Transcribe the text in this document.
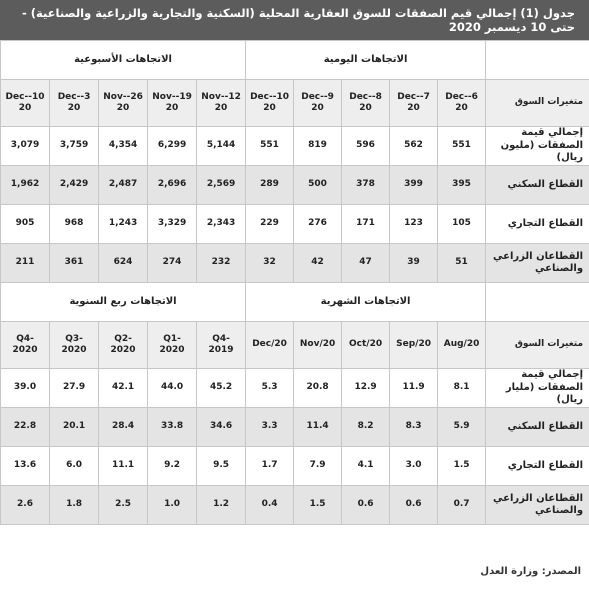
جدول (1) إجمالي قيم الصفقات للسوق العقارية المحلية (السكنية والتجارية والزراعية والصناعية) - حتى 10 ديسمبر 2020
	الاتجاهات اليومية					الاتجاهات الأسبوعية				
متغيرات السوق	6-Dec-20	7-Dec-20	8-Dec-20	9-Dec-20	10-Dec-20	12-Nov-20	19-Nov-20	26-Nov-20	3-Dec-20	10-Dec-20
إجمالي قيمة الصفقات (مليون ريال)	551	562	596	819	551	5,144	6,299	4,354	3,759	3,079
القطاع السكني	395	399	378	500	289	2,569	2,696	2,487	2,429	1,962
القطاع التجاري	105	123	171	276	229	2,343	3,329	1,243	968	905
القطاعان الزراعي والصناعي	51	39	47	42	32	232	274	624	361	211
	الاتجاهات الشهرية					الاتجاهات ربع السنوية				
متغيرات السوق	Aug/20	Sep/20	Oct/20	Nov/20	Dec/20	Q4- 2019	Q1- 2020	Q2- 2020	Q3- 2020	Q4- 2020
إجمالي قيمة الصفقات (مليار ريال)	8.1	11.9	12.9	20.8	5.3	45.2	44.0	42.1	27.9	39.0
القطاع السكني	5.9	8.3	8.2	11.4	3.3	34.6	33.8	28.4	20.1	22.8
القطاع التجاري	1.5	3.0	4.1	7.9	1.7	9.5	9.2	11.1	6.0	13.6
القطاعان الزراعي والصناعي	0.7	0.6	0.6	1.5	0.4	1.2	1.0	2.5	1.8	2.6
المصدر: وزارة العدل
